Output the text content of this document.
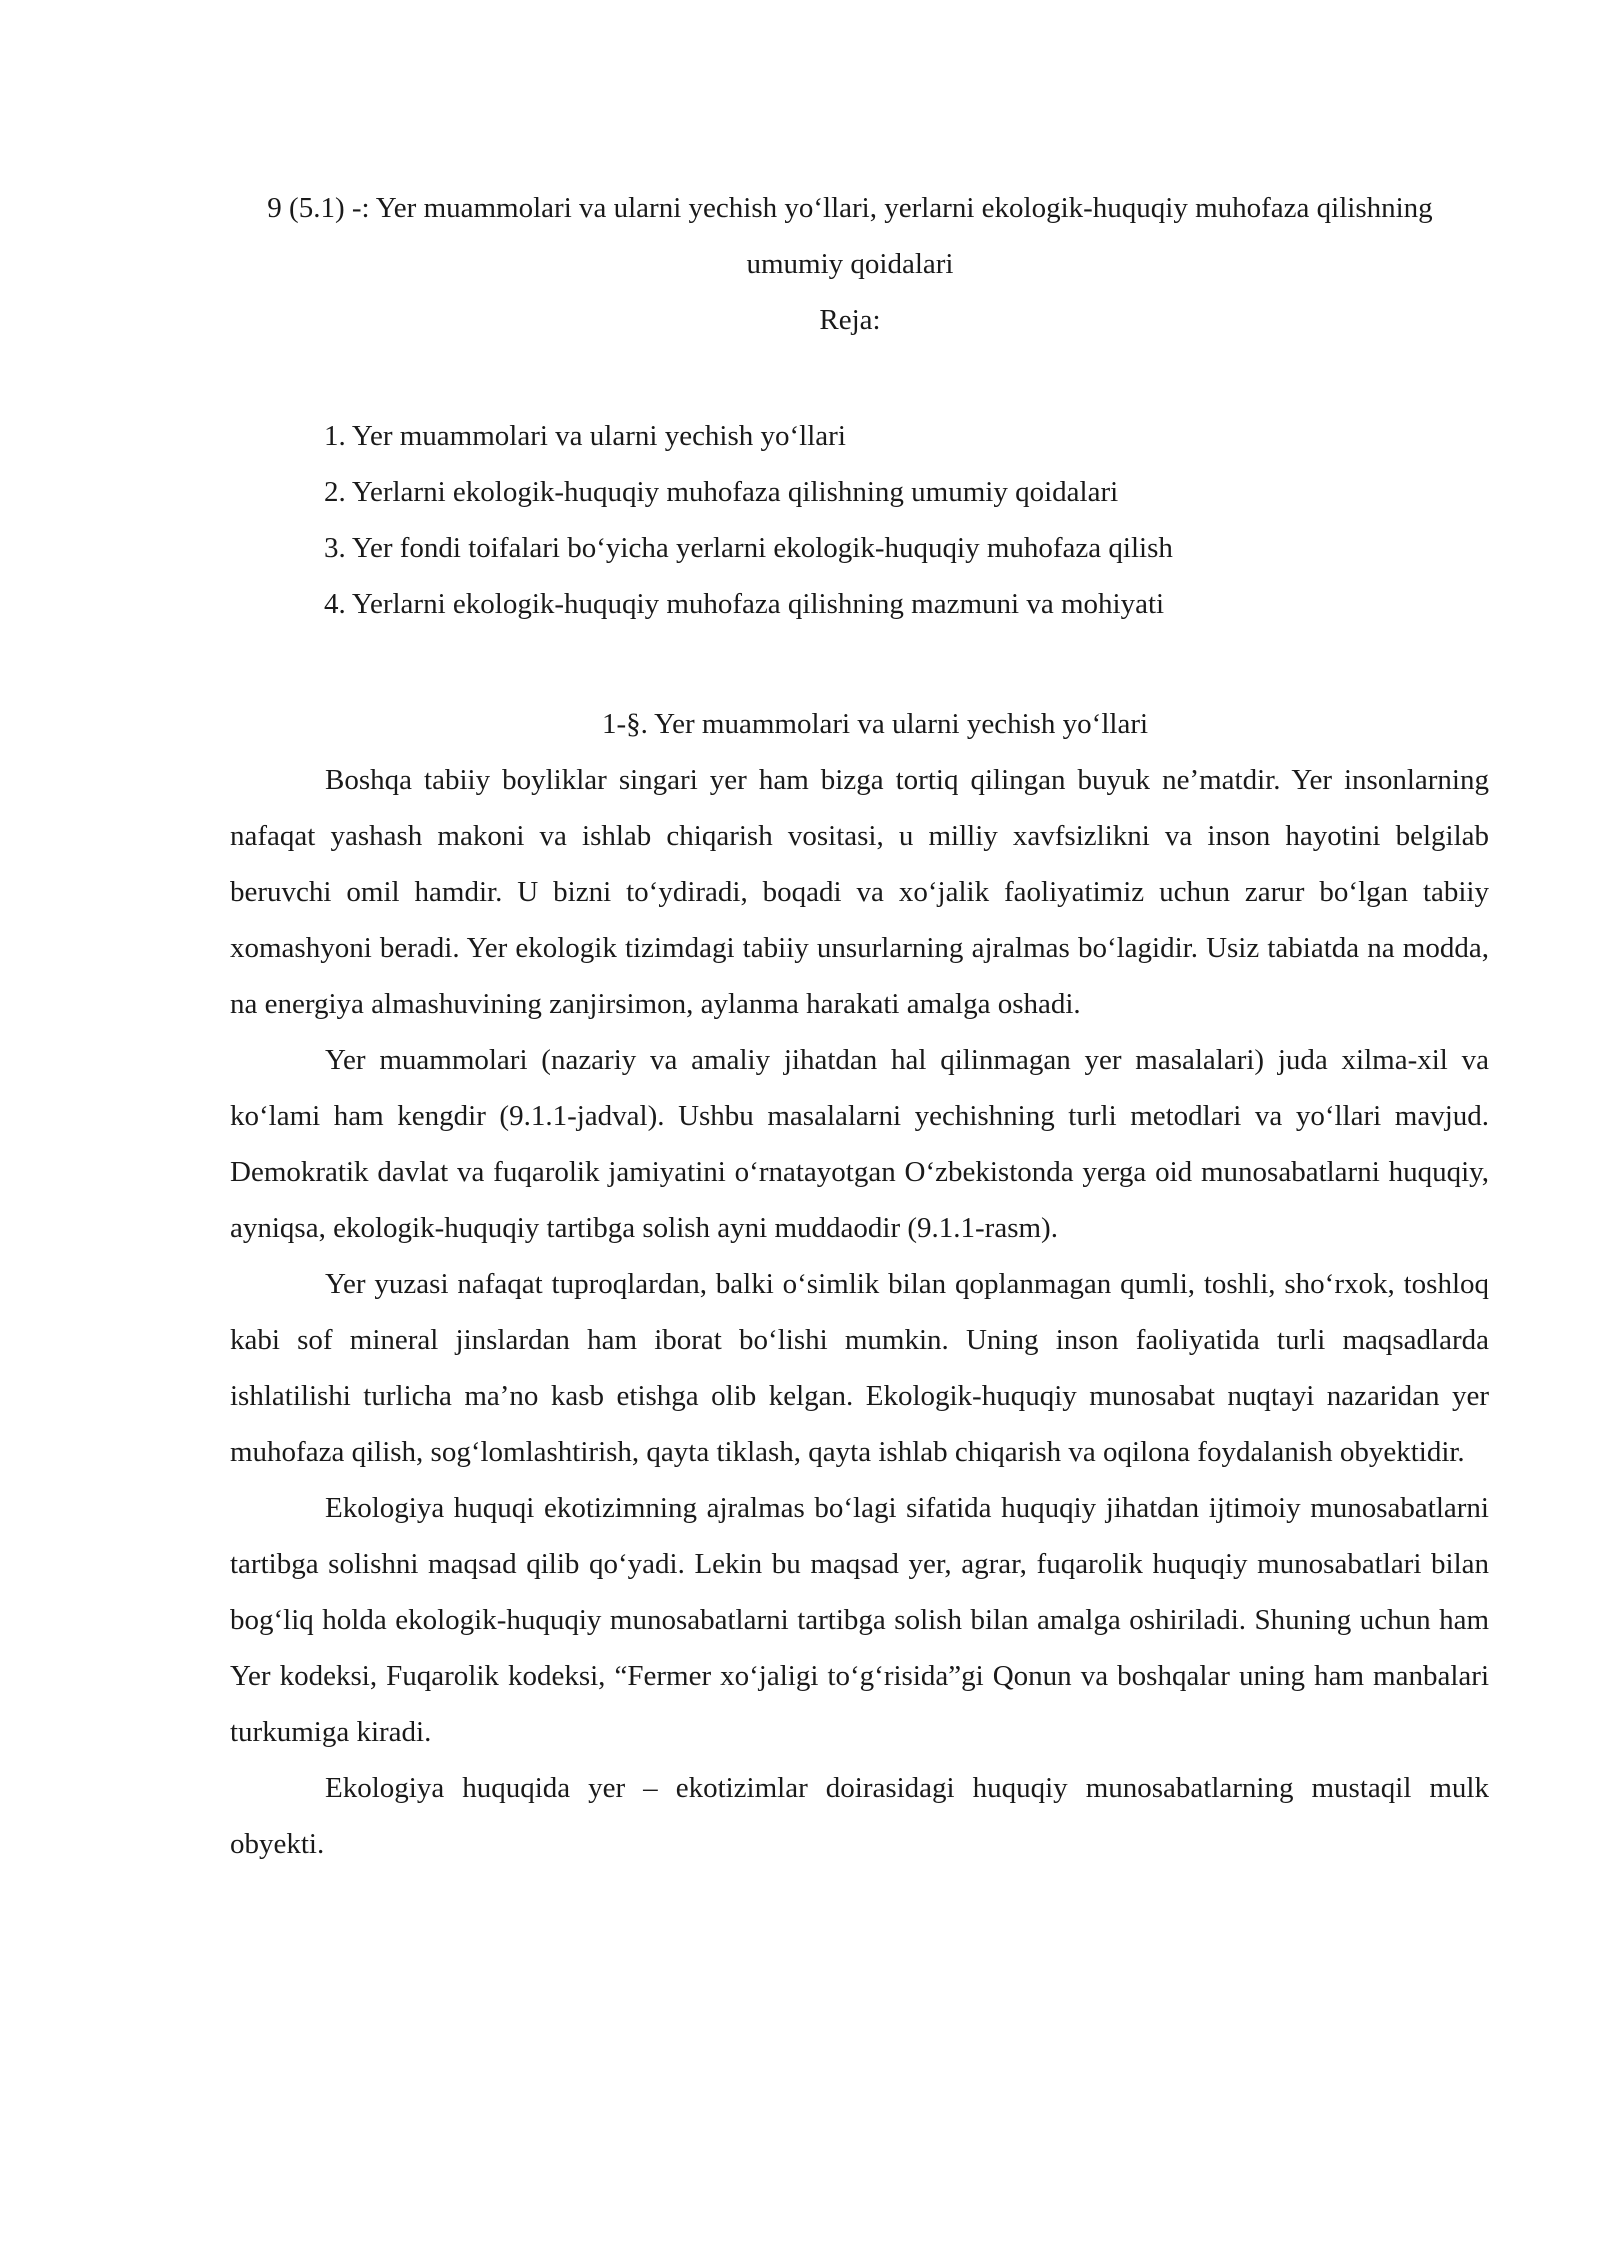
9 (5.1) -: Yer muammolari va ularni yechish yo‘llari, yerlarni ekologik-huquqiy muhofaza qilishning umumiy qoidalari
Reja:
1. Yer muammolari va ularni yechish yo‘llari
2. Yerlarni ekologik-huquqiy muhofaza qilishning umumiy qoidalari
3. Yer fondi toifalari bo‘yicha yerlarni ekologik-huquqiy muhofaza qilish
4. Yerlarni ekologik-huquqiy muhofaza qilishning mazmuni va mohiyati
1-§. Yer muammolari va ularni yechish yo‘llari

Boshqa tabiiy boyliklar singari yer ham bizga tortiq qilingan buyuk ne’matdir. Yer insonlarning nafaqat yashash makoni va ishlab chiqarish vositasi, u milliy xavfsizlikni va inson hayotini belgilab beruvchi omil hamdir. U bizni to‘ydiradi, boqadi va xo‘jalik faoliyatimiz uchun zarur bo‘lgan tabiiy xomashyoni beradi. Yer ekologik tizimdagi tabiiy unsurlarning ajralmas bo‘lagidir. Usiz tabiatda na modda, na energiya almashuvining zanjirsimon, aylanma harakati amalga oshadi.

Yer muammolari (nazariy va amaliy jihatdan hal qilinmagan yer masalalari) juda xilma-xil va ko‘lami ham kengdir (9.1.1-jadval). Ushbu masalalarni yechishning turli metodlari va yo‘llari mavjud. Demokratik davlat va fuqarolik jamiyatini o‘rnatayotgan O‘zbekistonda yerga oid munosabatlarni huquqiy, ayniqsa, ekologik-huquqiy tartibga solish ayni muddaodir (9.1.1-rasm).

Yer yuzasi nafaqat tuproqlardan, balki o‘simlik bilan qoplanmagan qumli, toshli, sho‘rxok, toshloq kabi sof mineral jinslardan ham iborat bo‘lishi mumkin. Uning inson faoliyatida turli maqsadlarda ishlatilishi turlicha ma’no kasb etishga olib kelgan. Ekologik-huquqiy munosabat nuqtayi nazaridan yer muhofaza qilish, sog‘lomlashtirish, qayta tiklash, qayta ishlab chiqarish va oqilona foydalanish obyektidir.

Ekologiya huquqi ekotizimning ajralmas bo‘lagi sifatida huquqiy jihatdan ijtimoiy munosabatlarni tartibga solishni maqsad qilib qo‘yadi. Lekin bu maqsad yer, agrar, fuqarolik huquqiy munosabatlari bilan bog‘liq holda ekologik-huquqiy munosabatlarni tartibga solish bilan amalga oshiriladi. Shuning uchun ham Yer kodeksi, Fuqarolik kodeksi, “Fermer xo‘jaligi to‘g‘risida”gi Qonun va boshqalar uning ham manbalari turkumiga kiradi.

Ekologiya huquqida yer – ekotizimlar doirasidagi huquqiy munosabatlarning mustaqil mulk obyekti.
